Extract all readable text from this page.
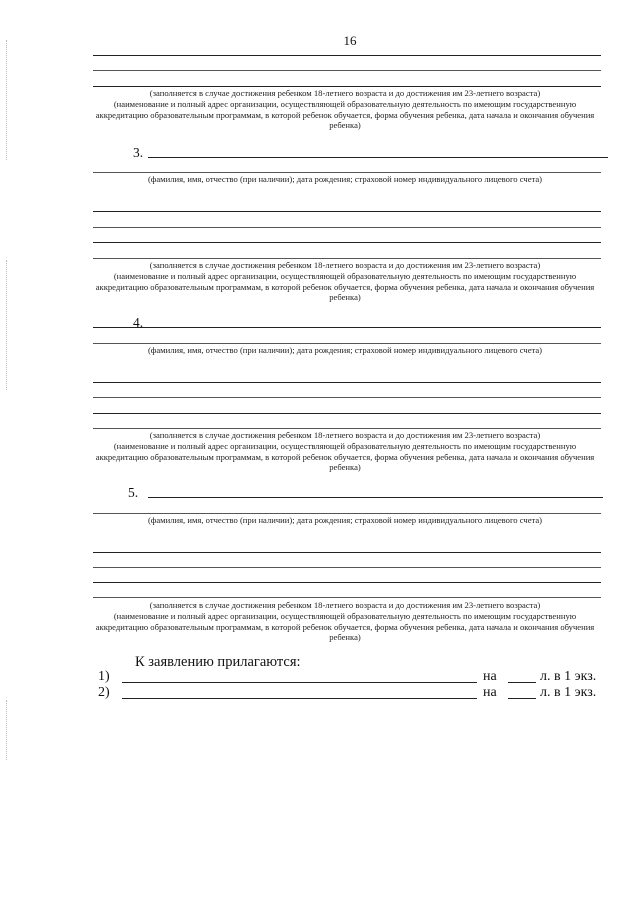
16
(заполняется в случае достижения ребенком 18-летнего возраста и до достижения им 23-летнего возраста)
(наименование и полный адрес организации, осуществляющей образовательную деятельность по имеющим государственную аккредитацию образовательным программам, в которой ребенок обучается, форма обучения ребенка, дата начала и окончания обучения ребенка)
3.
(фамилия, имя, отчество (при наличии); дата рождения; страховой номер индивидуального лицевого счета)
(заполняется в случае достижения ребенком 18-летнего возраста и до достижения им 23-летнего возраста)
(наименование и полный адрес организации, осуществляющей образовательную деятельность по имеющим государственную аккредитацию образовательным программам, в которой ребенок обучается, форма обучения ребенка, дата начала и окончания обучения ребенка)
4.
(фамилия, имя, отчество (при наличии); дата рождения; страховой номер индивидуального лицевого счета)
(заполняется в случае достижения ребенком 18-летнего возраста и до достижения им 23-летнего возраста)
(наименование и полный адрес организации, осуществляющей образовательную деятельность по имеющим государственную аккредитацию образовательным программам, в которой ребенок обучается, форма обучения ребенка, дата начала и окончания обучения ребенка)
5.
(фамилия, имя, отчество (при наличии); дата рождения; страховой номер индивидуального лицевого счета)
(заполняется в случае достижения ребенком 18-летнего возраста и до достижения им 23-летнего возраста)
(наименование и полный адрес организации, осуществляющей образовательную деятельность по имеющим государственную аккредитацию образовательным программам, в которой ребенок обучается, форма обучения ребенка, дата начала и окончания обучения ребенка)
К заявлению прилагаются:
1)	на	л. в 1 экз.
2)	на	л. в 1 экз.
